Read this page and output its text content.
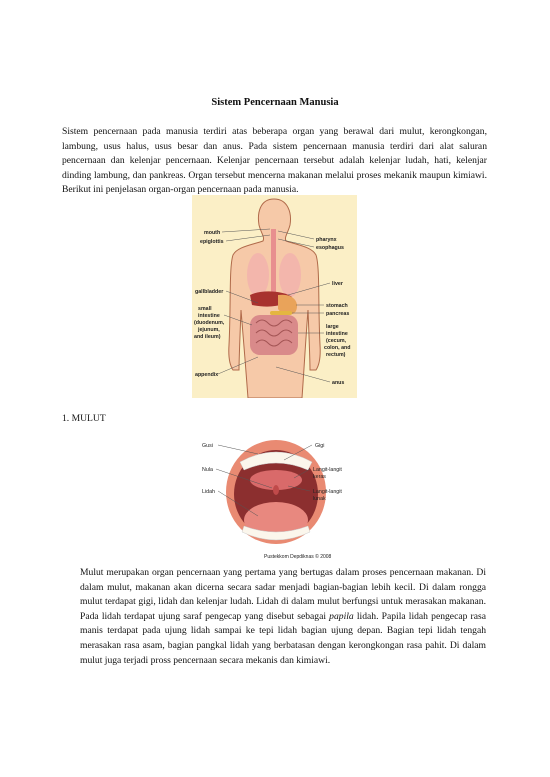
Sistem Pencernaan Manusia

Sistem pencernaan pada manusia terdiri atas beberapa organ yang berawal dari mulut, kerongkongan, lambung, usus halus, usus besar dan anus. Pada sistem pencernaan manusia terdiri dari alat saluran pencernaan dan kelenjar pencernaan. Kelenjar pencernaan tersebut adalah kelenjar ludah, hati, kelenjar dinding lambung, dan pankreas. Organ tersebut mencerna makanan melalui proses mekanik maupun kimiawi. Berikut ini penjelasan organ-organ pencernaan pada manusia.

mouth
epiglottis	pharynx
esophagus
liver
gallbladder
stomach
pancreas
small
intestine
(duodenum,
jejunum,
and ileum)
large
intestine
(cecum,
colon, and
rectum)
appendix
anus
1. MULUT
Gusi	Gigi
Nula	Langit-langit
keras
Lidah	Langit-langit
lunak
Pustekkom Depdiknas © 2008

Mulut merupakan organ pencernaan yang pertama yang bertugas dalam proses pencernaan makanan. Di dalam mulut, makanan akan dicerna secara sadar menjadi bagian-bagian lebih kecil. Di dalam rongga mulut terdapat gigi, lidah dan kelenjar ludah. Lidah di dalam mulut berfungsi untuk merasakan makanan. Pada lidah terdapat ujung saraf pengecap yang disebut sebagai papila lidah. Papila lidah pengecap rasa manis terdapat pada ujung lidah sampai ke tepi lidah bagian ujung depan. Bagian tepi lidah tengah merasakan rasa asam, bagian pangkal lidah yang berbatasan dengan kerongkongan rasa pahit. Di dalam mulut juga terjadi pross pencernaan secara mekanis dan kimiawi.
